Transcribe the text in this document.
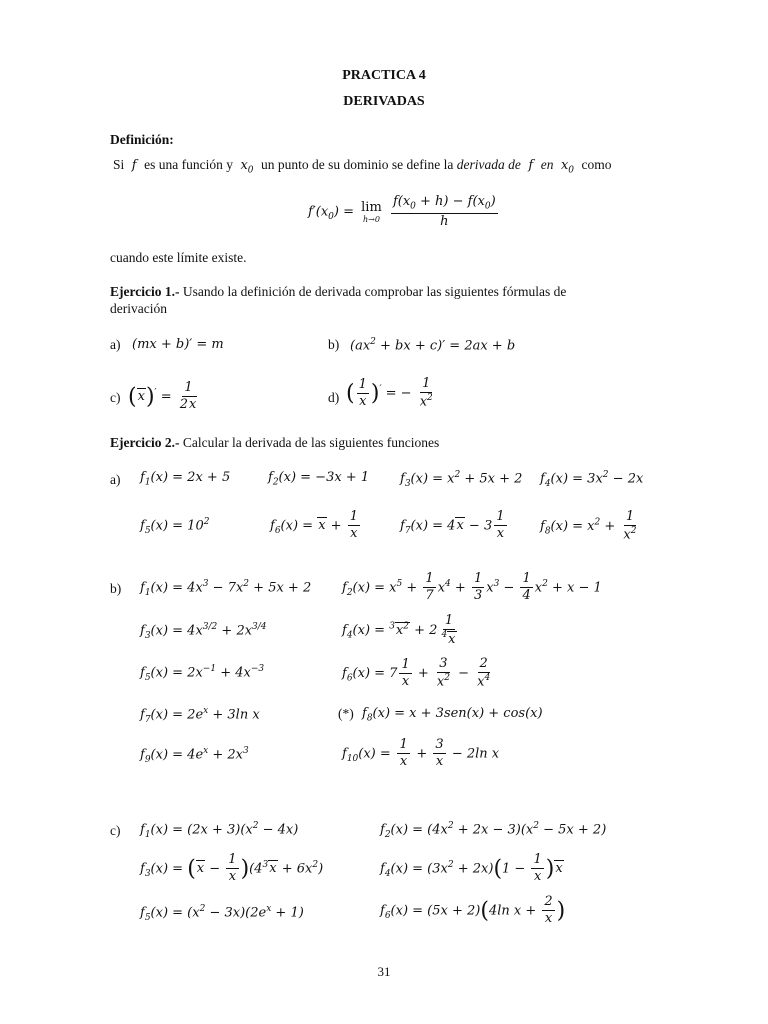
PRACTICA 4
DERIVADAS
Definición:
Si  f  es una función y  $x_0$ un punto de su dominio se define la derivada de  f  en  $x_0$ como
$f'(x_0) = \lim$
h→0
$\frac{f(x_0 + h) - f(x_0)}{h}$
cuando este límite existe.
Ejercicio 1.- Usando la definición de derivada comprobar las siguientes fórmulas de
derivación
a) (mx + b)′ = m	b) ($ax^2$ + bx + c)′ = 2ax + b
c) $(x)' = \frac{1}{2x}$	d) ( $\frac{1}{x} )'$ = − $\frac{1}{x^2}$
Ejercicio 2.- Calcular la derivada de las siguientes funciones
a) $f_1(x) = 2x + 5$	$f_2(x) = -3x + 1$ $f_3(x) = x^2 + 5x + 2$ $f_4(x) = 3x^2 - 2x$
$f_5(x) = 10^2$	$f_6(x) = x + \frac{1}{x}$	$f_7(x) = 4x - 3 \frac{1}{x}$	$f_8(x) = x^2 + \frac{1}{x^2}$
b) $f_1(x) = 4x^3 - 7x^2 + 5x + 2$ $f_2(x) = x^5 + \frac{1}{7} x^4 + \frac{1}{3} x^3 - \frac{1}{4} x^2 + x - 1$
$f_3(x) = 4x^{3/2} + 2x^{3/4}$	$f_4(x) = ^3x^2 + 2 \frac{1}{^4x}$
$f_5(x) = 2x^{-1} + 4x^{-3}$	$f_6(x) = 7 \frac{1}{x} + \frac{3}{x^2} - \frac{2}{x^4}$
$f_7(x) = 2e^x + 3\ln$ x	(*) $f_8(x) = x + 3sen(x) + \cos(x)$
$f_9(x) = 4e^x + 2x^3$	$f_{10}(x) = \frac{1}{x} + \frac{3}{x} - 2\ln$ x
c) $f_1(x) = (2x + 3)(x^2 - 4x)$	$f_2(x) = (4x^2 + 2x - 3)(x^2 - 5x + 2)$
$f_3(x) = (x - \frac{1}{x} )(4^3x + 6x^2)$	$f_4(x) = (3x^2 + 2x)(1 - \frac{1}{x} )x$
$f_5(x) = (x^2 - 3x)(2e^x + 1)$	$f_6(x) = (5x + 2)(4\ln$ $x + \frac{2}{x}$ )
31
